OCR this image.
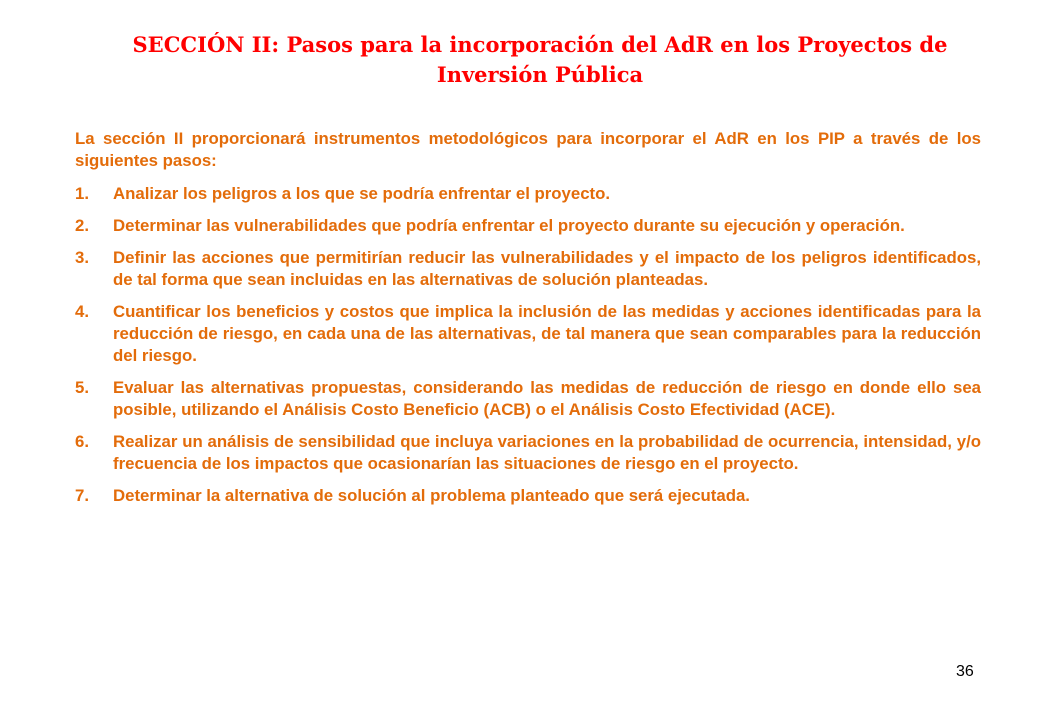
SECCIÓN II: Pasos para la incorporación del AdR en los Proyectos de Inversión Pública

La sección II proporcionará instrumentos metodológicos para incorporar el AdR en los PIP a través de los siguientes pasos:

1.	Analizar los peligros a los que se podría enfrentar el proyecto.
2.	Determinar las vulnerabilidades que podría enfrentar el proyecto durante su ejecución y operación.
3.	Definir las acciones que permitirían reducir las vulnerabilidades y el impacto de los peligros identificados, de tal forma que sean incluidas en las alternativas de solución planteadas.
4.	Cuantificar los beneficios y costos que implica la inclusión de las medidas y acciones identificadas para la reducción de riesgo, en cada una de las alternativas, de tal manera que sean comparables para la reducción del riesgo.
5.	Evaluar las alternativas propuestas, considerando las medidas de reducción de riesgo en donde ello sea posible, utilizando el Análisis Costo Beneficio (ACB) o el Análisis Costo Efectividad (ACE).
6.	Realizar un análisis de sensibilidad que incluya variaciones en la probabilidad de ocurrencia, intensidad, y/o frecuencia de los impactos que ocasionarían las situaciones de riesgo en el proyecto.
7.	Determinar la alternativa de solución al problema planteado que será ejecutada.
36
